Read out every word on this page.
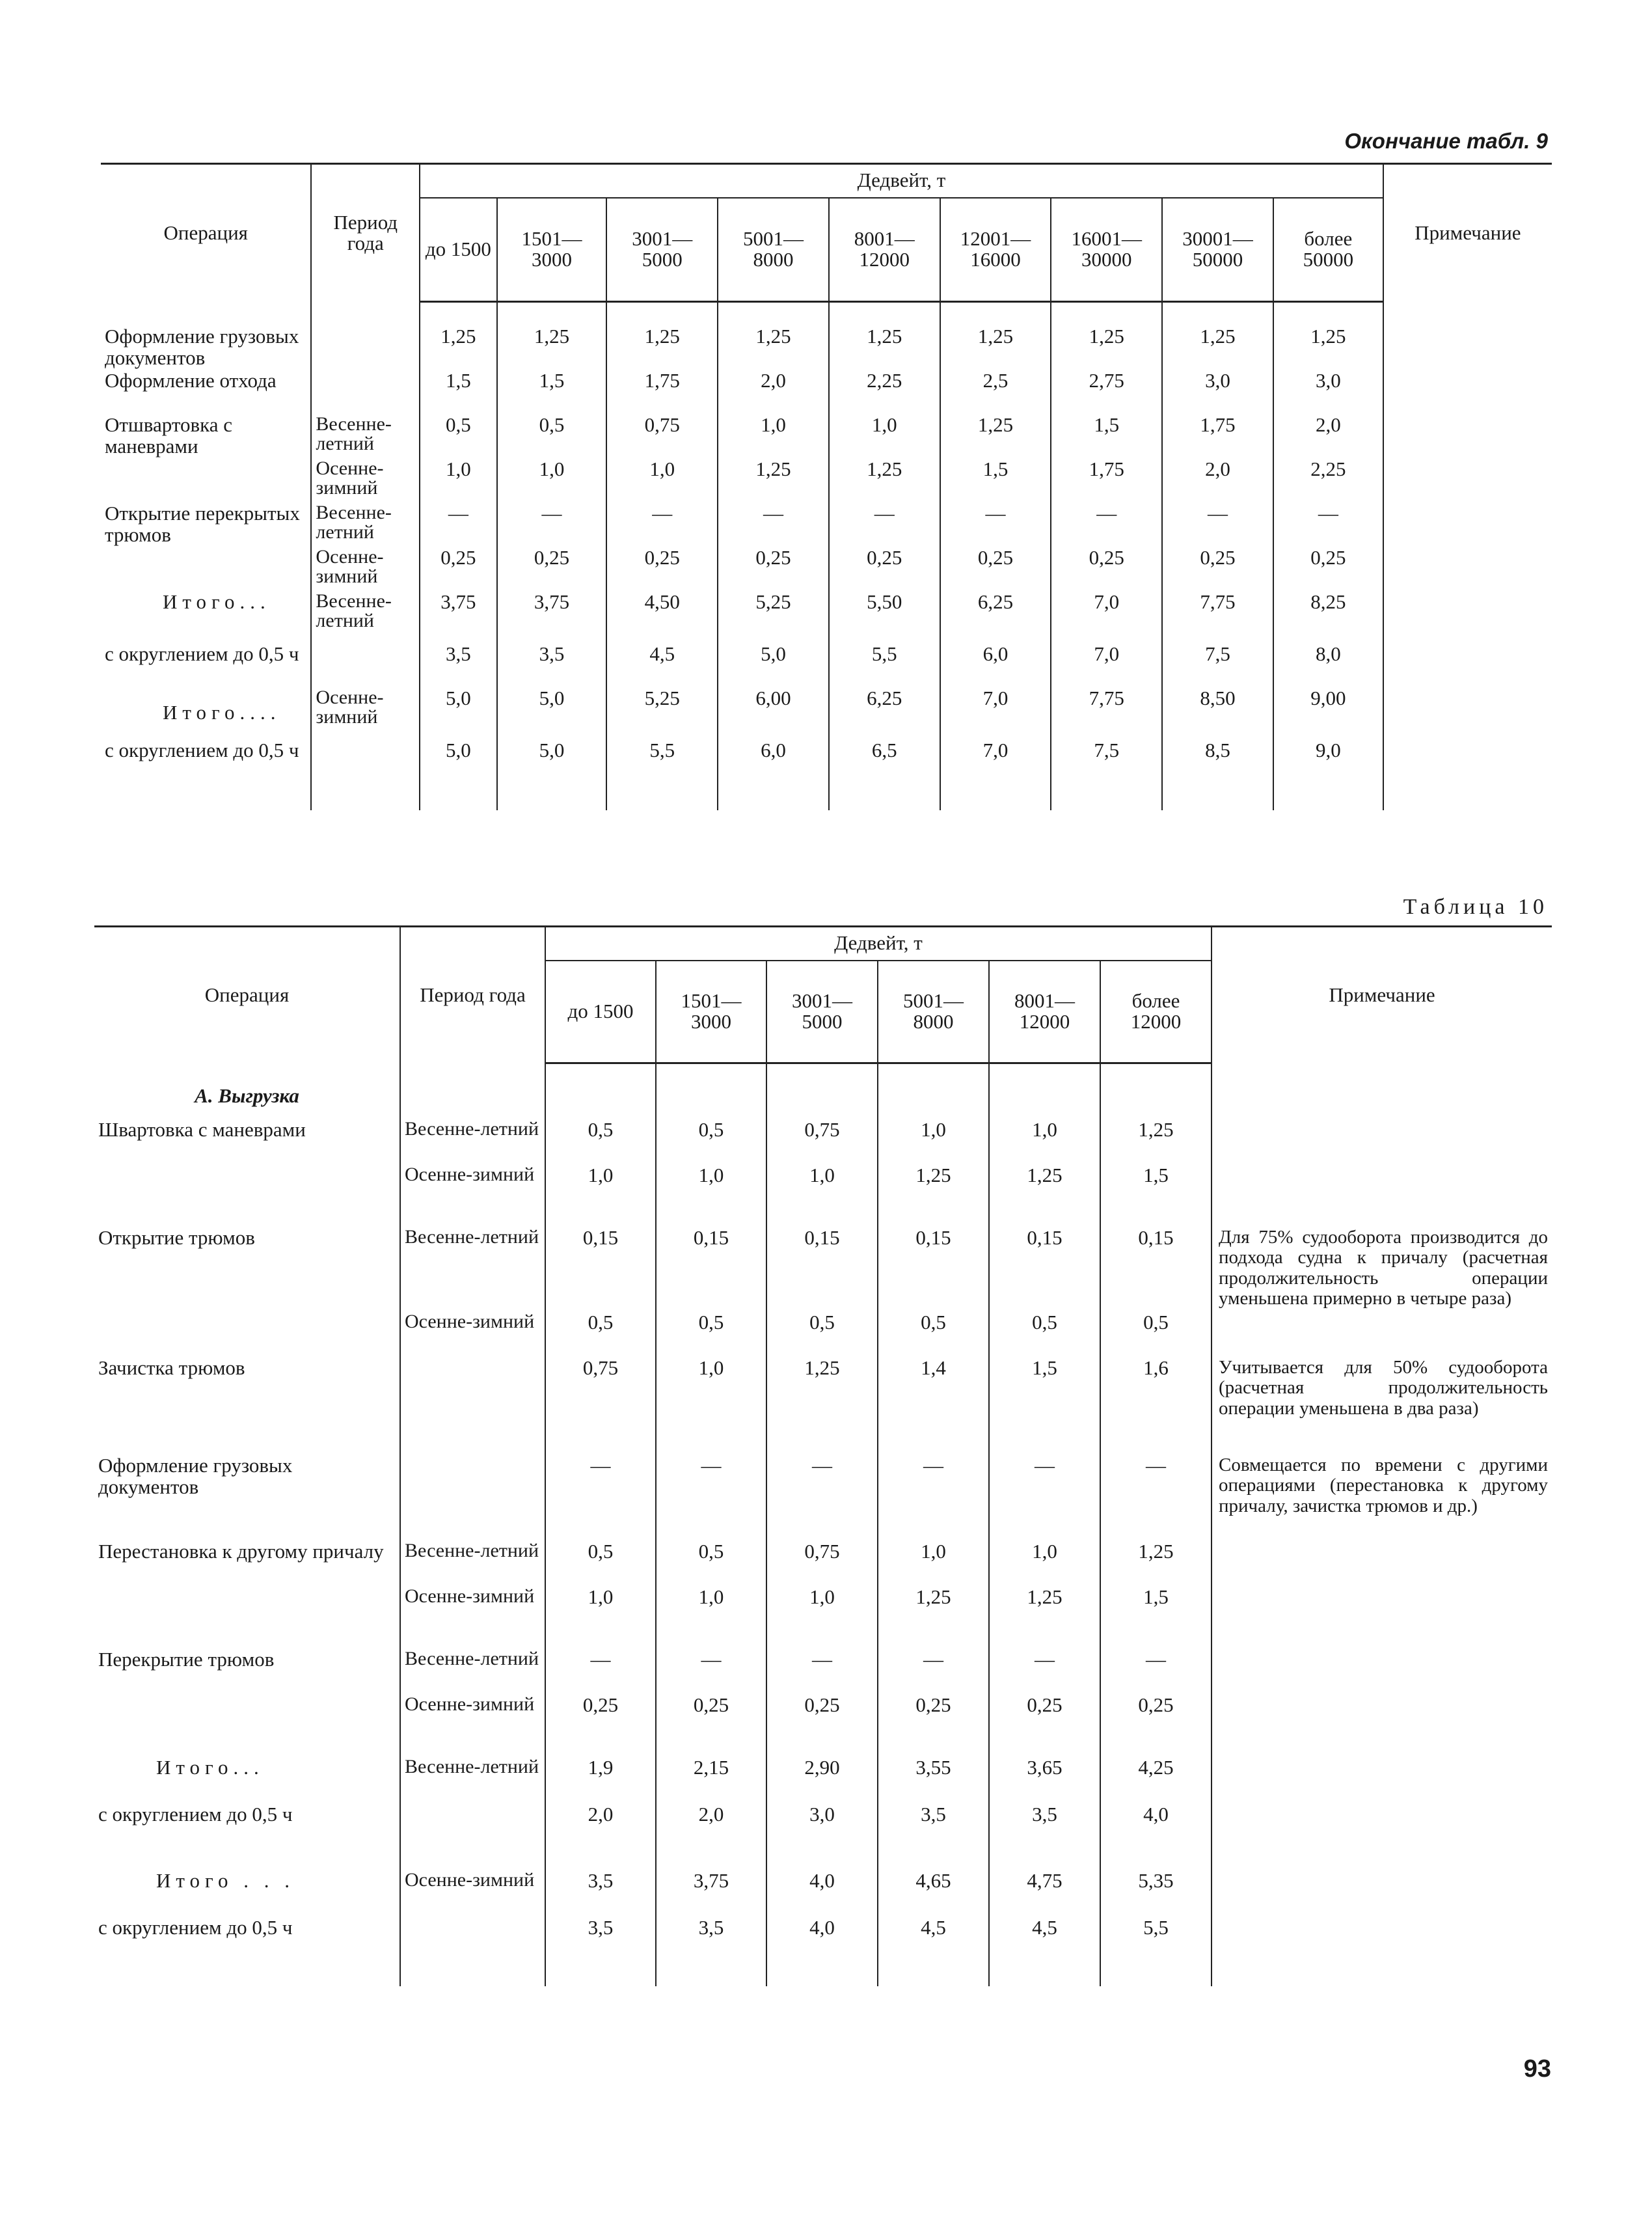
Окончание табл. 9
Операция	Период года	Дедвейт, т									Примечание
		до 1500	1501— 3000	3001— 5000	5001— 8000	8001— 12000	12001— 16000	16001— 30000	30001— 50000	более 50000	

Оформление грузовых документов		1,25	1,25	1,25	1,25	1,25	1,25	1,25	1,25	1,25	
Оформление отхода		1,5	1,5	1,75	2,0	2,25	2,5	2,75	3,0	3,0	
Отшвартовка с маневрами	Весенне-летний	0,5	0,5	0,75	1,0	1,0	1,25	1,5	1,75	2,0	
	Осенне-зимний	1,0	1,0	1,0	1,25	1,25	1,5	1,75	2,0	2,25	
Открытие перекрытых трюмов	Весенне-летний	—	—	—	—	—	—	—	—	—	
	Осенне-зимний	0,25	0,25	0,25	0,25	0,25	0,25	0,25	0,25	0,25	
Итого...	Весенне-летний	3,75	3,75	4,50	5,25	5,50	6,25	7,0	7,75	8,25	
с округлением до 0,5 ч		3,5	3,5	4,5	5,0	5,5	6,0	7,0	7,5	8,0	
Итого....	Осенне-зимний	5,0	5,0	5,25	6,00	6,25	7,0	7,75	8,50	9,00	
с округлением до 0,5 ч		5,0	5,0	5,5	6,0	6,5	7,0	7,5	8,5	9,0	

Таблица 10
Операция	Период года	Дедвейт, т						Примечание
		до 1500	1501— 3000	3001— 5000	5001— 8000	8001— 12000	более 12000	
А. Выгрузка								
Швартовка с маневрами	Весенне-летний	0,5	0,5	0,75	1,0	1,0	1,25	
	Осенне-зимний	1,0	1,0	1,0	1,25	1,25	1,5	
Открытие трюмов	Весенне-летний	0,15	0,15	0,15	0,15	0,15	0,15	Для 75% судооборота производится до подхода судна к причалу (расчетная продолжительность операции уменьшена примерно в четыре раза)
	Осенне-зимний	0,5	0,5	0,5	0,5	0,5	0,5	
Зачистка трюмов		0,75	1,0	1,25	1,4	1,5	1,6	Учитывается для 50% судооборота (расчетная продолжительность операции уменьшена в два раза)
Оформление грузовых документов		—	—	—	—	—	—	Совмещается по времени с другими операциями (перестановка к другому причалу, зачистка трюмов и др.)
Перестановка к другому причалу	Весенне-летний	0,5	0,5	0,75	1,0	1,0	1,25	
	Осенне-зимний	1,0	1,0	1,0	1,25	1,25	1,5	
Перекрытие трюмов	Весенне-летний	—	—	—	—	—	—	
	Осенне-зимний	0,25	0,25	0,25	0,25	0,25	0,25	
Итого...	Весенне-летний	1,9	2,15	2,90	3,55	3,65	4,25	
с округлением до 0,5 ч		2,0	2,0	3,0	3,5	3,5	4,0	
Итого . . .	Осенне-зимний	3,5	3,75	4,0	4,65	4,75	5,35	
с округлением до 0,5 ч		3,5	3,5	4,0	4,5	4,5	5,5	

93
